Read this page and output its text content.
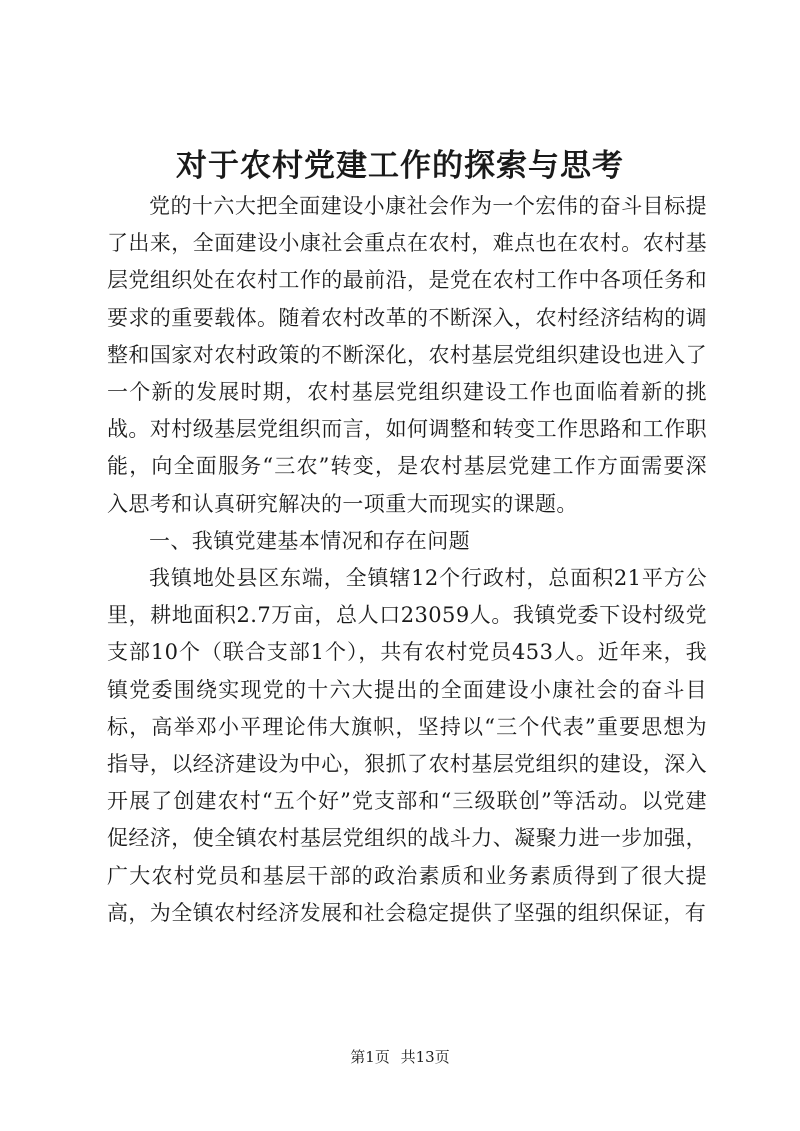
对于农村党建工作的探索与思考

党的十六大把全面建设小康社会作为一个宏伟的奋斗目标提了出来，全面建设小康社会重点在农村，难点也在农村。农村基层党组织处在农村工作的最前沿，是党在农村工作中各项任务和要求的重要载体。随着农村改革的不断深入，农村经济结构的调整和国家对农村政策的不断深化，农村基层党组织建设也进入了一个新的发展时期，农村基层党组织建设工作也面临着新的挑战。对村级基层党组织而言，如何调整和转变工作思路和工作职能，向全面服务“三农”转变，是农村基层党建工作方面需要深入思考和认真研究解决的一项重大而现实的课题。

一、我镇党建基本情况和存在问题

我镇地处县区东端，全镇辖12个行政村，总面积21平方公里，耕地面积2.7万亩，总人口23059人。我镇党委下设村级党支部10个（联合支部1个），共有农村党员453人。近年来，我镇党委围绕实现党的十六大提出的全面建设小康社会的奋斗目标，高举邓小平理论伟大旗帜，坚持以“三个代表”重要思想为指导，以经济建设为中心，狠抓了农村基层党组织的建设，深入开展了创建农村“五个好”党支部和“三级联创”等活动。以党建促经济，使全镇农村基层党组织的战斗力、凝聚力进一步加强，广大农村党员和基层干部的政治素质和业务素质得到了很大提高，为全镇农村经济发展和社会稳定提供了坚强的组织保证，有

第1页 共13页
